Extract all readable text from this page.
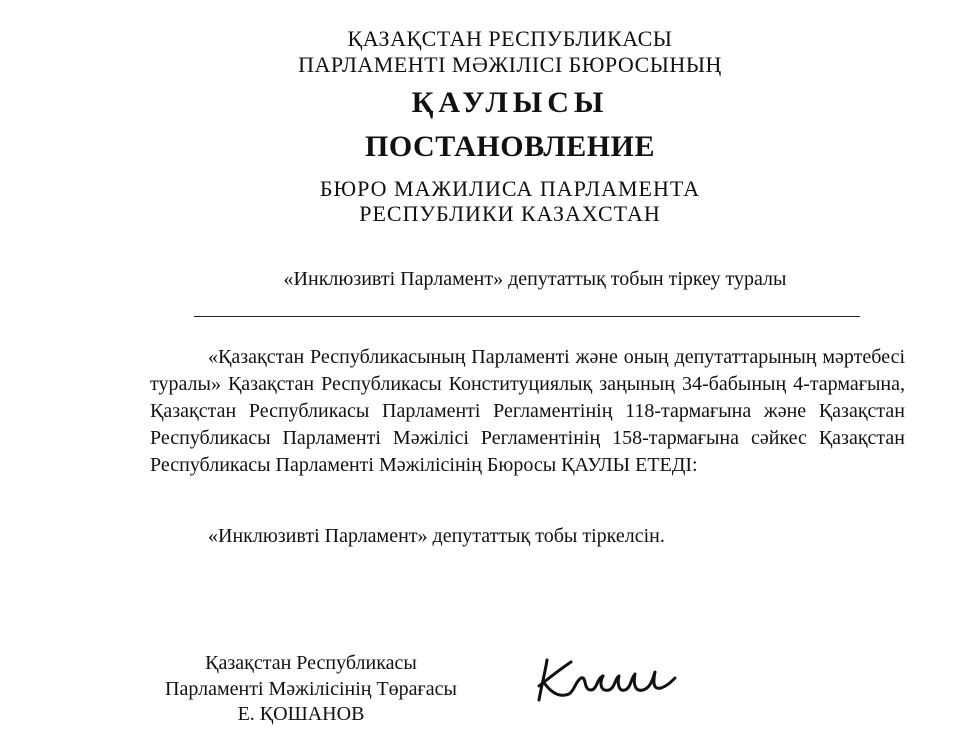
ҚАЗАҚСТАН РЕСПУБЛИКАСЫ
ПАРЛАМЕНТІ МӘЖІЛІСІ БЮРОСЫНЫҢ
ҚАУЛЫСЫ
ПОСТАНОВЛЕНИЕ
БЮРО МАЖИЛИСА ПАРЛАМЕНТА
РЕСПУБЛИКИ КАЗАХСТАН
«Инклюзивті Парламент» депутаттық тобын тіркеу туралы
«Қазақстан Республикасының Парламенті және оның депутаттарының мәртебесі туралы» Қазақстан Республикасы Конституциялық заңының 34-бабының 4-тармағына, Қазақстан Республикасы Парламенті Регламентінің 118-тармағына және Қазақстан Республикасы Парламенті Мәжілісі Регламентінің 158-тармағына сәйкес Қазақстан Республикасы Парламенті Мәжілісінің Бюросы ҚАУЛЫ ЕТЕДІ:
«Инклюзивті Парламент» депутаттық тобы тіркелсін.
Қазақстан Республикасы
Парламенті Мәжілісінің Төрағасы
Е. ҚОШАНОВ
